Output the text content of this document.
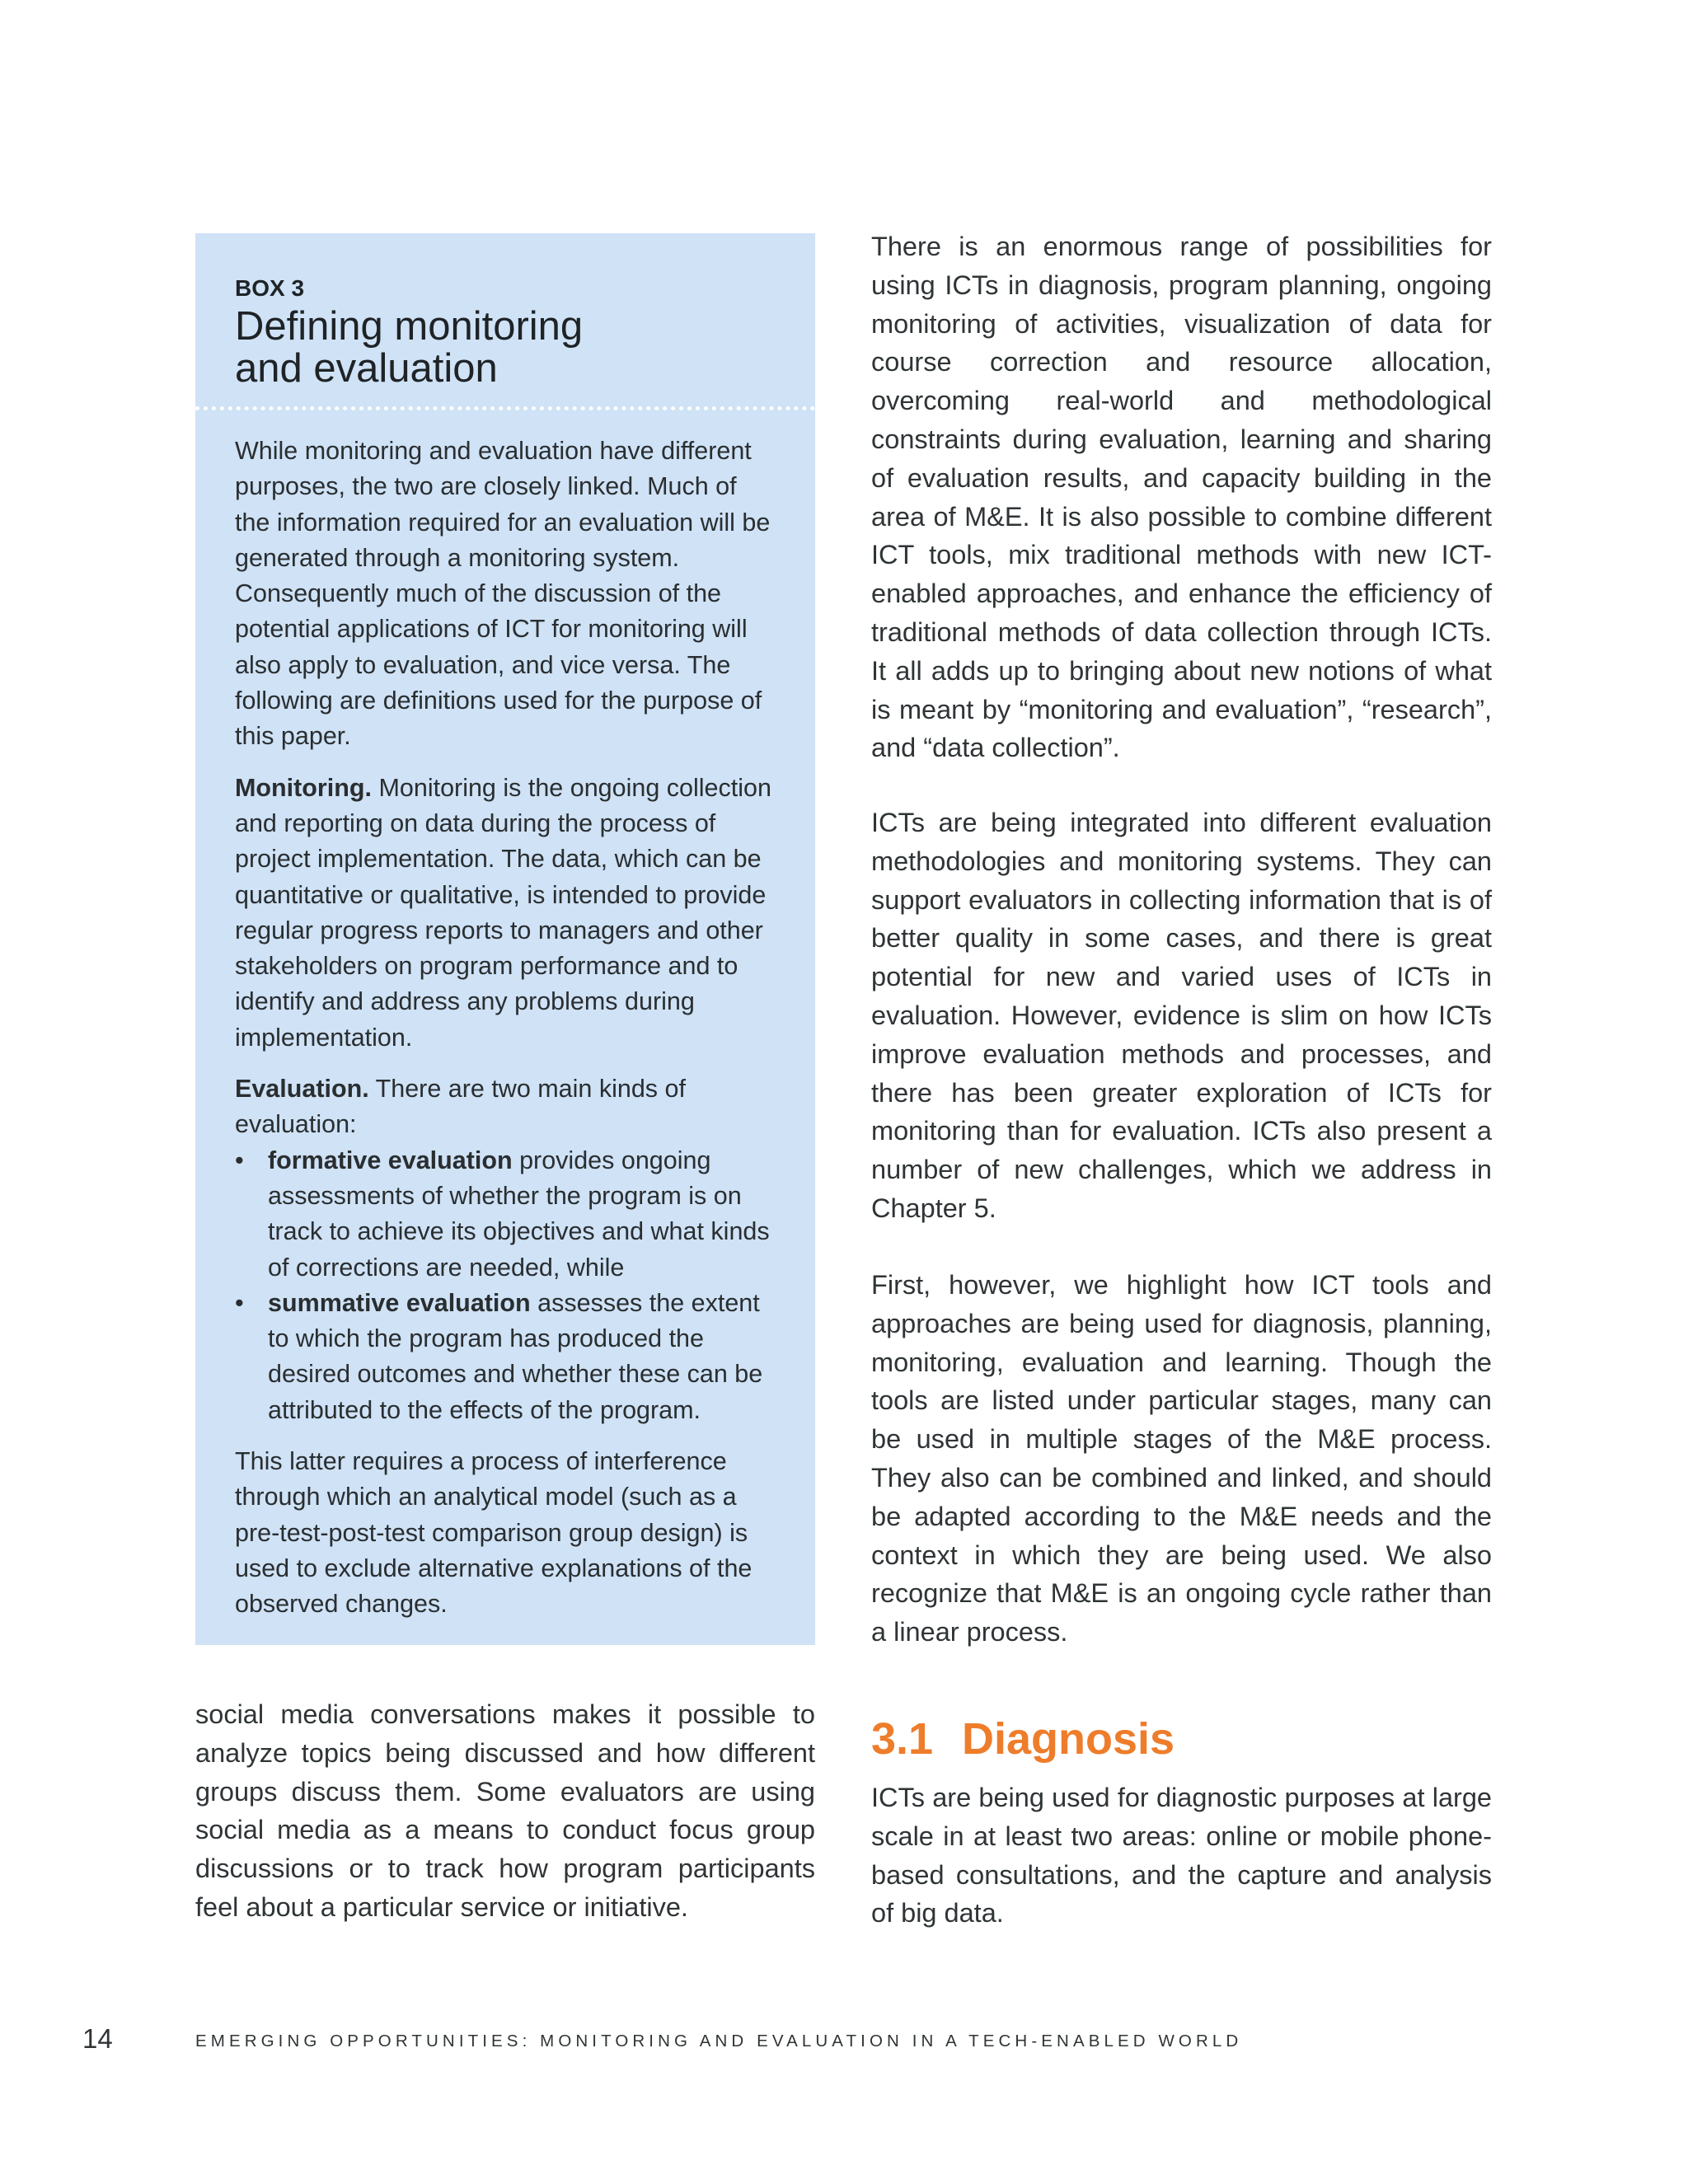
BOX 3
Defining monitoring
and evaluation

While monitoring and evaluation have different purposes, the two are closely linked. Much of the information required for an evaluation will be generated through a monitoring system. Consequently much of the discussion of the potential applications of ICT for monitoring will also apply to evaluation, and vice versa. The following are definitions used for the purpose of this paper.

Monitoring. Monitoring is the ongoing collection and reporting on data during the process of project implementation. The data, which can be quantitative or qualitative, is intended to provide regular progress reports to managers and other stakeholders on program performance and to identify and address any problems during implementation.

Evaluation. There are two main kinds of evaluation:

• formative evaluation provides ongoing assessments of whether the program is on track to achieve its objectives and what kinds of corrections are needed, while
• summative evaluation assesses the extent to which the program has produced the desired outcomes and whether these can be attributed to the effects of the program.

This latter requires a process of interference through which an analytical model (such as a pre-test-post-test comparison group design) is used to exclude alternative explanations of the observed changes.

social media conversations makes it possible to analyze topics being discussed and how different groups discuss them. Some evaluators are using social media as a means to conduct focus group discussions or to track how program participants feel about a particular service or initiative.

There is an enormous range of possibilities for using ICTs in diagnosis, program planning, ongoing monitoring of activities, visualization of data for course correction and resource allocation, overcoming real-world and methodological constraints during evaluation, learning and sharing of evaluation results, and capacity building in the area of M&E. It is also possible to combine different ICT tools, mix traditional methods with new ICT-enabled approaches, and enhance the efficiency of traditional methods of data collection through ICTs. It all adds up to bringing about new notions of what is meant by “monitoring and evaluation”, “research”, and “data collection”.

ICTs are being integrated into different evaluation methodologies and monitoring systems. They can support evaluators in collecting information that is of better quality in some cases, and there is great potential for new and varied uses of ICTs in evaluation. However, evidence is slim on how ICTs improve evaluation methods and processes, and there has been greater exploration of ICTs for monitoring than for evaluation. ICTs also present a number of new challenges, which we address in Chapter 5.

First, however, we highlight how ICT tools and approaches are being used for diagnosis, planning, monitoring, evaluation and learning. Though the tools are listed under particular stages, many can be used in multiple stages of the M&E process. They also can be combined and linked, and should be adapted according to the M&E needs and the context in which they are being used. We also recognize that M&E is an ongoing cycle rather than a linear process.

3.1 Diagnosis

ICTs are being used for diagnostic purposes at large scale in at least two areas: online or mobile phone-based consultations, and the capture and analysis of big data.

14	EMERGING OPPORTUNITIES: MONITORING AND EVALUATION IN A TECH-ENABLED WORLD
